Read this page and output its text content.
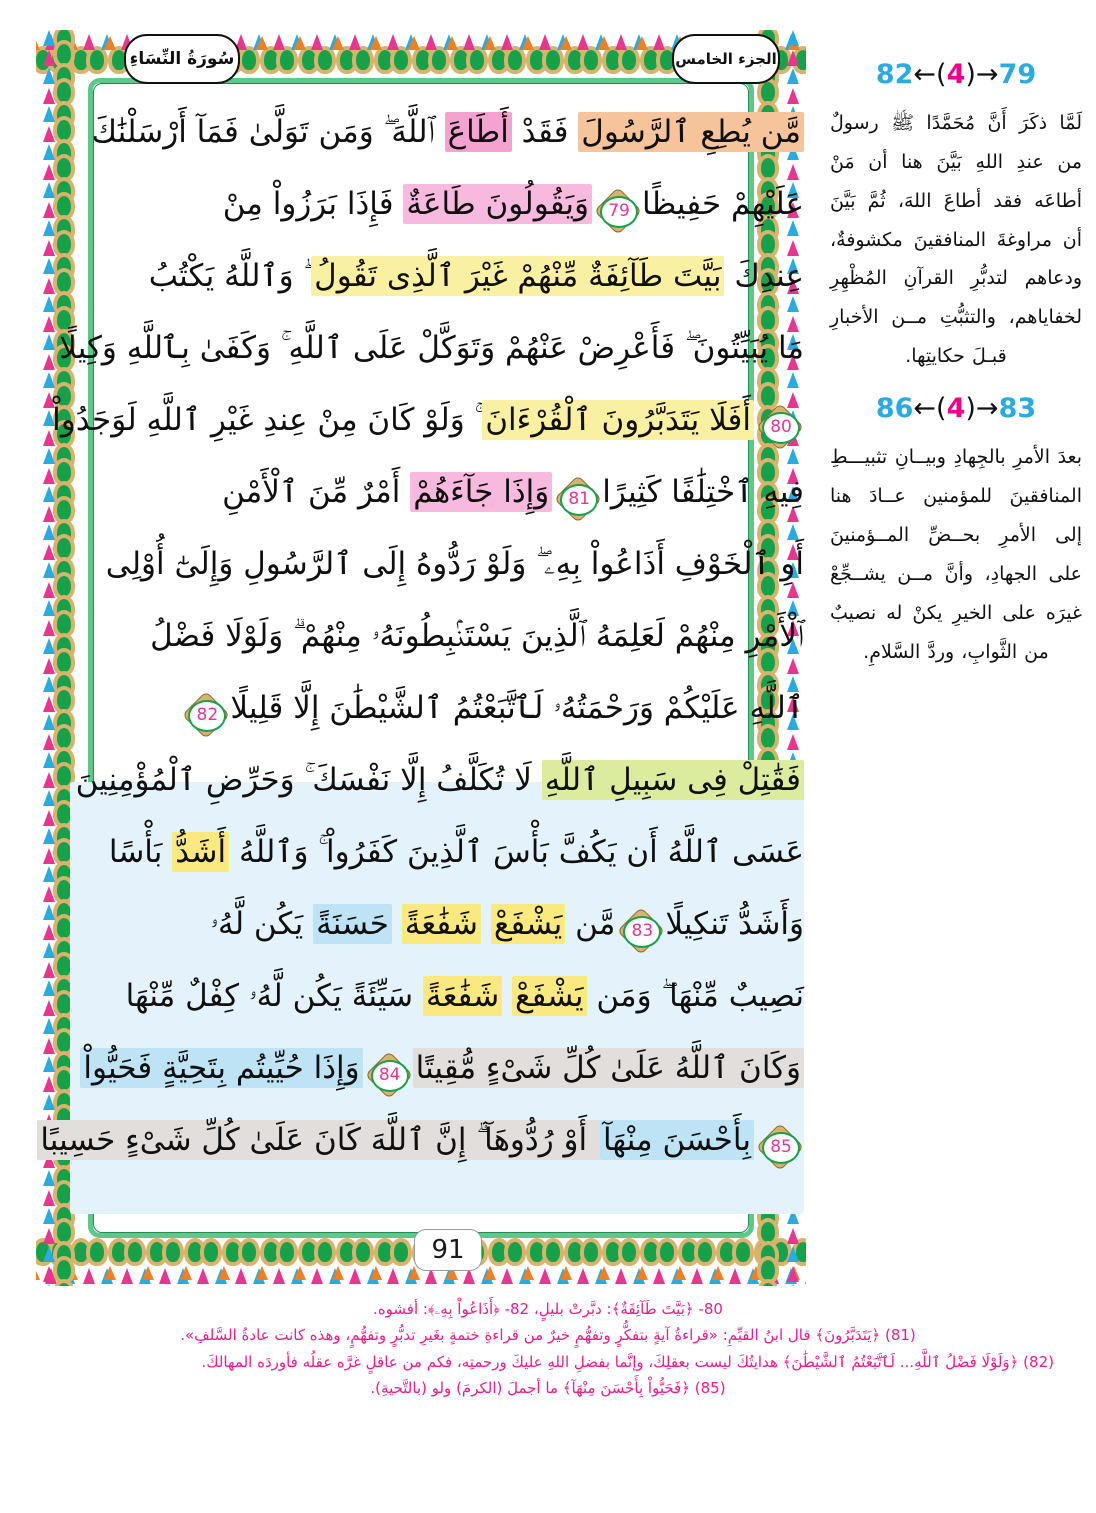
سُورَةُ النِّسَاءِ	الجزء الخامس
مَّن يُطِعِ ٱلرَّسُولَ فَقَدْ أَطَاعَ ٱللَّهَ ۖ وَمَن تَوَلَّىٰ فَمَآ أَرْسَلْنَٰكَ
عَلَيْهِمْ حَفِيظًا
79
وَيَقُولُونَ طَاعَةٌ فَإِذَا بَرَزُواْ مِنْ
عِندِكَ بَيَّتَ طَآئِفَةٌ مِّنْهُمْ غَيْرَ ٱلَّذِى تَقُولُ ۖ وَٱللَّهُ يَكْتُبُ
مَا يُبَيِّتُونَ ۖ فَأَعْرِضْ عَنْهُمْ وَتَوَكَّلْ عَلَى ٱللَّهِ ۚ وَكَفَىٰ بِٱللَّهِ وَكِيلًا
80
أَفَلَا يَتَدَبَّرُونَ ٱلْقُرْءَانَ ۚ وَلَوْ كَانَ مِنْ عِندِ غَيْرِ ٱللَّهِ لَوَجَدُواْ
فِيهِ ٱخْتِلَٰفًا كَثِيرًا
81
وَإِذَا جَآءَهُمْ أَمْرٌ مِّنَ ٱلْأَمْنِ
أَوِ ٱلْخَوْفِ أَذَاعُواْ بِهِۦ ۖ وَلَوْ رَدُّوهُ إِلَى ٱلرَّسُولِ وَإِلَىٰٓ أُوْلِى
ٱلْأَمْرِ مِنْهُمْ لَعَلِمَهُ ٱلَّذِينَ يَسْتَنۢبِطُونَهُۥ مِنْهُمْ ۗ وَلَوْلَا فَضْلُ
ٱللَّهِ عَلَيْكُمْ وَرَحْمَتُهُۥ لَٱتَّبَعْتُمُ ٱلشَّيْطَٰنَ إِلَّا قَلِيلًا
82
فَقَٰتِلْ فِى سَبِيلِ ٱللَّهِ لَا تُكَلَّفُ إِلَّا نَفْسَكَ ۚ وَحَرِّضِ ٱلْمُؤْمِنِينَ
عَسَى ٱللَّهُ أَن يَكُفَّ بَأْسَ ٱلَّذِينَ كَفَرُواْ ۚ وَٱللَّهُ أَشَدُّ بَأْسًا
وَأَشَدُّ تَنكِيلًا
83
مَّن يَشْفَعْ شَفَٰعَةً حَسَنَةً يَكُن لَّهُۥ
نَصِيبٌ مِّنْهَا ۖ وَمَن يَشْفَعْ شَفَٰعَةً سَيِّئَةً يَكُن لَّهُۥ كِفْلٌ مِّنْهَا
وَكَانَ ٱللَّهُ عَلَىٰ كُلِّ شَىْءٍ مُّقِيتًا
84
وَإِذَا حُيِّيتُم بِتَحِيَّةٍ فَحَيُّواْ
85
بِأَحْسَنَ مِنْهَآ أَوْ رُدُّوهَآ ۗ إِنَّ ٱللَّهَ كَانَ عَلَىٰ كُلِّ شَىْءٍ حَسِيبًا
91
82←(4)→79
لَمَّا ذكَرَ أَنَّ مُحَمَّدًا ﷺ رسولٌ من عندِ اللهِ بَيَّنَ هنا أن مَنْ أطاعَه فقد أطاعَ اللهَ، ثُمَّ بَيَّنَ أن مراوغةَ المنافقينَ مكشوفةٌ، ودعاهم لتدبُّرِ القرآنِ المُظْهِرِ لخفاياهم، والتثبُّتِ مــن الأخبارِ قبـلَ حكايتِها.
86←(4)→83
بعدَ الأمرِ بالجِهادِ وبيــانِ تثبيـــطِ المنافقينَ للمؤمنين عــادَ هنا إلى الأمرِ بحــضِّ المــؤمنينَ على الجهادِ، وأنَّ مــن يشــجِّعْ غيرَه على الخيرِ يكنْ له نصيبٌ من الثَّوابِ، وردَّ السَّلامِ.
80- ﴿بَيَّتَ طَآئِفَةٌ﴾: دبَّرتْ بليلٍ، 82- ﴿أَذَاعُواْ بِهِۦ﴾: أفشوه.
(81) ﴿يَتَدَبَّرُونَ﴾ قال ابنُ القيِّمِ: «قراءةُ آيةٍ بتفكُّرٍ وتفهُّمٍ خيرٌ من قراءةِ ختمةٍ بغَيرِ تدبُّرٍ وتفهُّمٍ، وهذه كانت عادةُ السَّلفِ».
(82) ﴿وَلَوْلَا فَضْلُ ٱللَّهِ... لَٱتَّبَعْتُمُ ٱلشَّيْطَٰنَ﴾ هدايتُكَ ليست بعقلِكَ، وإنَّما بفضلِ اللهِ عليكَ ورحمتِه، فكم من عاقلٍ غرَّه عقلُه فأوردَه المهالكَ.
(85) ﴿فَحَيُّواْ بِأَحْسَنَ مِنْهَآ﴾ ما أجملَ (الكرمَ) ولو (بالتَّحيةِ).
